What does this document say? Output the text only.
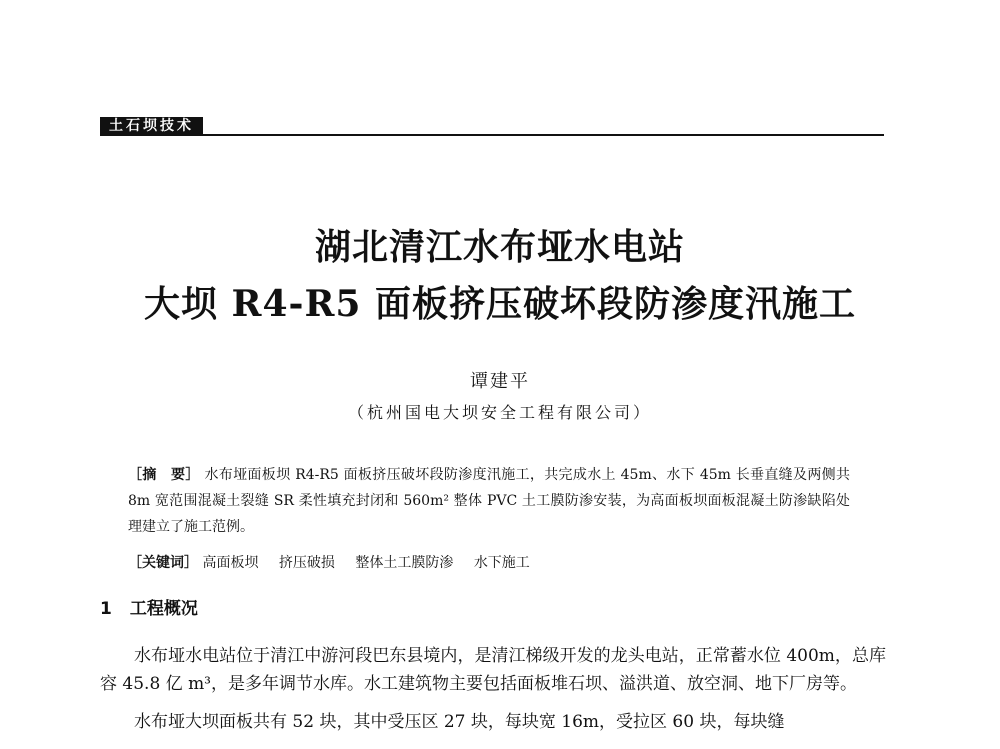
土石坝技术
湖北清江水布垭水电站
大坝 R4-R5 面板挤压破坏段防渗度汛施工
谭建平
（杭州国电大坝安全工程有限公司）
［摘　要］ 水布垭面板坝 R4-R5 面板挤压破坏段防渗度汛施工，共完成水上 45m、水下 45m 长垂直缝及两侧共 8m 宽范围混凝土裂缝 SR 柔性填充封闭和 560m² 整体 PVC 土工膜防渗安装，为高面板坝面板混凝土防渗缺陷处理建立了施工范例。
［关键词］ 高面板坝 挤压破损 整体土工膜防渗 水下施工
1 工程概况

水布垭水电站位于清江中游河段巴东县境内，是清江梯级开发的龙头电站，正常蓄水位 400m，总库容 45.8 亿 m³，是多年调节水库。水工建筑物主要包括面板堆石坝、溢洪道、放空洞、地下厂房等。

水布垭大坝面板共有 52 块，其中受压区 27 块，每块宽 16m，受拉区 60 块，每块缝
